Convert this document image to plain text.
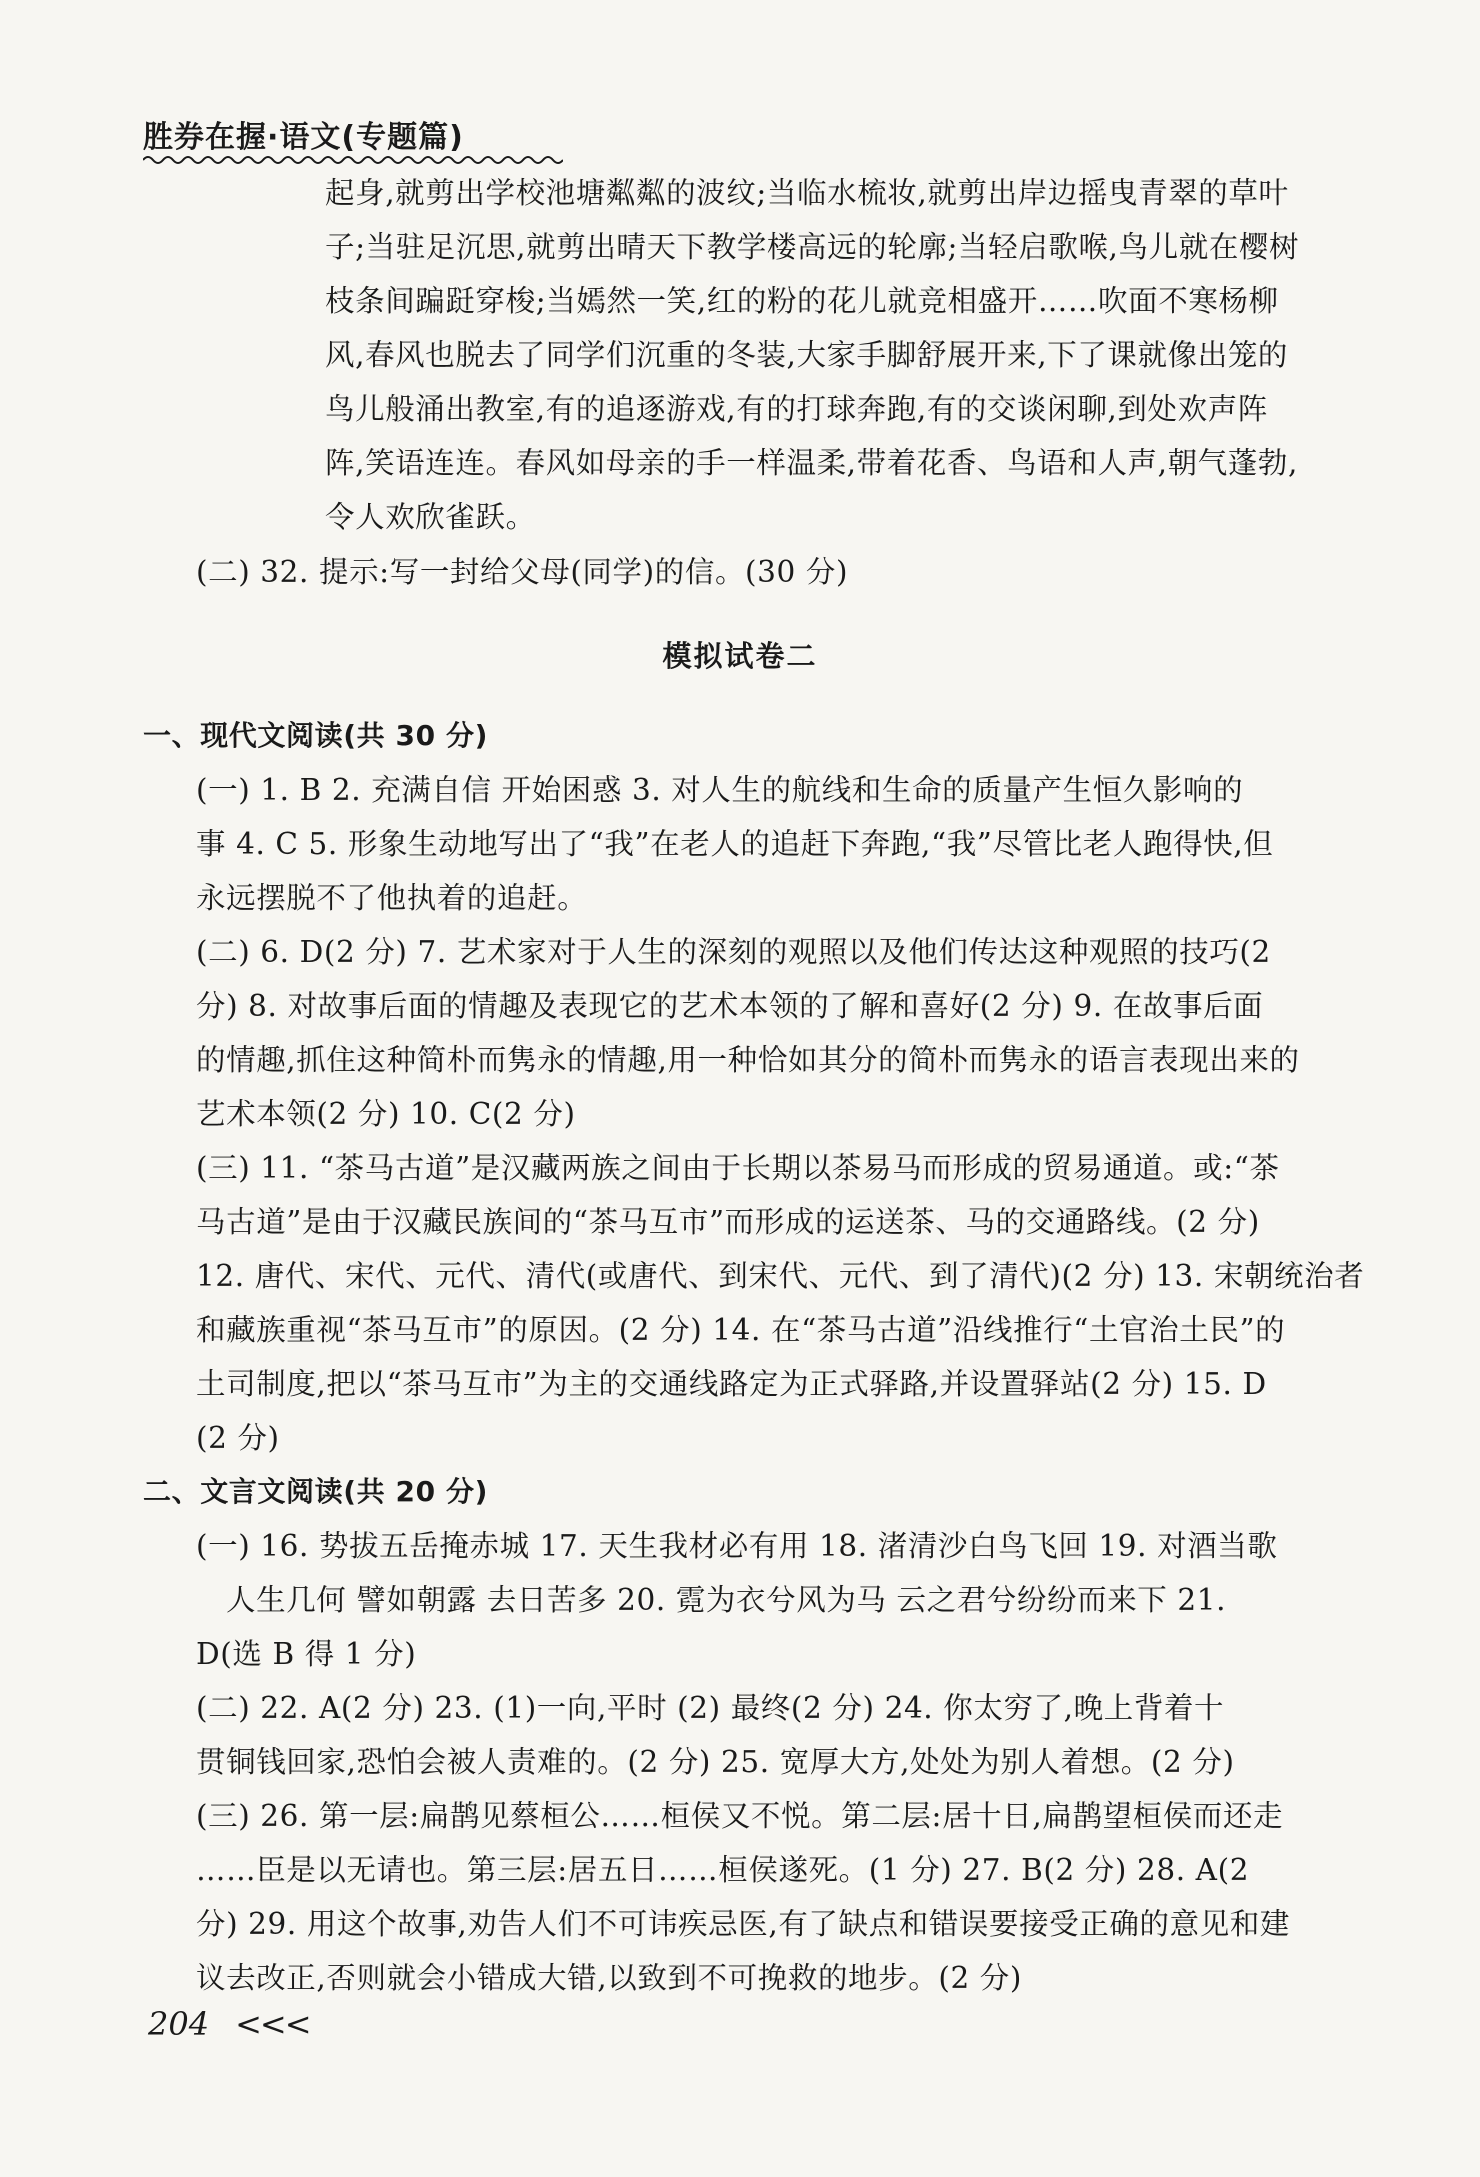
胜券在握·语文(专题篇)
起身,就剪出学校池塘粼粼的波纹;当临水梳妆,就剪出岸边摇曳青翠的草叶
子;当驻足沉思,就剪出晴天下教学楼高远的轮廓;当轻启歌喉,鸟儿就在樱树
枝条间蹁跹穿梭;当嫣然一笑,红的粉的花儿就竞相盛开……吹面不寒杨柳
风,春风也脱去了同学们沉重的冬装,大家手脚舒展开来,下了课就像出笼的
鸟儿般涌出教室,有的追逐游戏,有的打球奔跑,有的交谈闲聊,到处欢声阵
阵,笑语连连。春风如母亲的手一样温柔,带着花香、鸟语和人声,朝气蓬勃,
令人欢欣雀跃。
(二) 32. 提示:写一封给父母(同学)的信。(30 分)
模拟试卷二
一、现代文阅读(共 30 分)
(一) 1. B 2. 充满自信 开始困惑 3. 对人生的航线和生命的质量产生恒久影响的
事 4. C 5. 形象生动地写出了“我”在老人的追赶下奔跑,“我”尽管比老人跑得快,但
永远摆脱不了他执着的追赶。
(二) 6. D(2 分) 7. 艺术家对于人生的深刻的观照以及他们传达这种观照的技巧(2
分) 8. 对故事后面的情趣及表现它的艺术本领的了解和喜好(2 分) 9. 在故事后面
的情趣,抓住这种简朴而隽永的情趣,用一种恰如其分的简朴而隽永的语言表现出来的
艺术本领(2 分) 10. C(2 分)
(三) 11. “茶马古道”是汉藏两族之间由于长期以茶易马而形成的贸易通道。或:“茶
马古道”是由于汉藏民族间的“茶马互市”而形成的运送茶、马的交通路线。(2 分)
12. 唐代、宋代、元代、清代(或唐代、到宋代、元代、到了清代)(2 分) 13. 宋朝统治者
和藏族重视“茶马互市”的原因。(2 分) 14. 在“茶马古道”沿线推行“土官治土民”的
土司制度,把以“茶马互市”为主的交通线路定为正式驿路,并设置驿站(2 分) 15. D
(2 分)
二、文言文阅读(共 20 分)
(一) 16. 势拔五岳掩赤城 17. 天生我材必有用 18. 渚清沙白鸟飞回 19. 对酒当歌
人生几何 譬如朝露 去日苦多 20. 霓为衣兮风为马 云之君兮纷纷而来下 21.
D(选 B 得 1 分)
(二) 22. A(2 分) 23. (1)一向,平时 (2) 最终(2 分) 24. 你太穷了,晚上背着十
贯铜钱回家,恐怕会被人责难的。(2 分) 25. 宽厚大方,处处为别人着想。(2 分)
(三) 26. 第一层:扁鹊见蔡桓公……桓侯又不悦。第二层:居十日,扁鹊望桓侯而还走
……臣是以无请也。第三层:居五日……桓侯遂死。(1 分) 27. B(2 分) 28. A(2
分) 29. 用这个故事,劝告人们不可讳疾忌医,有了缺点和错误要接受正确的意见和建
议去改正,否则就会小错成大错,以致到不可挽救的地步。(2 分)
204 <<<
